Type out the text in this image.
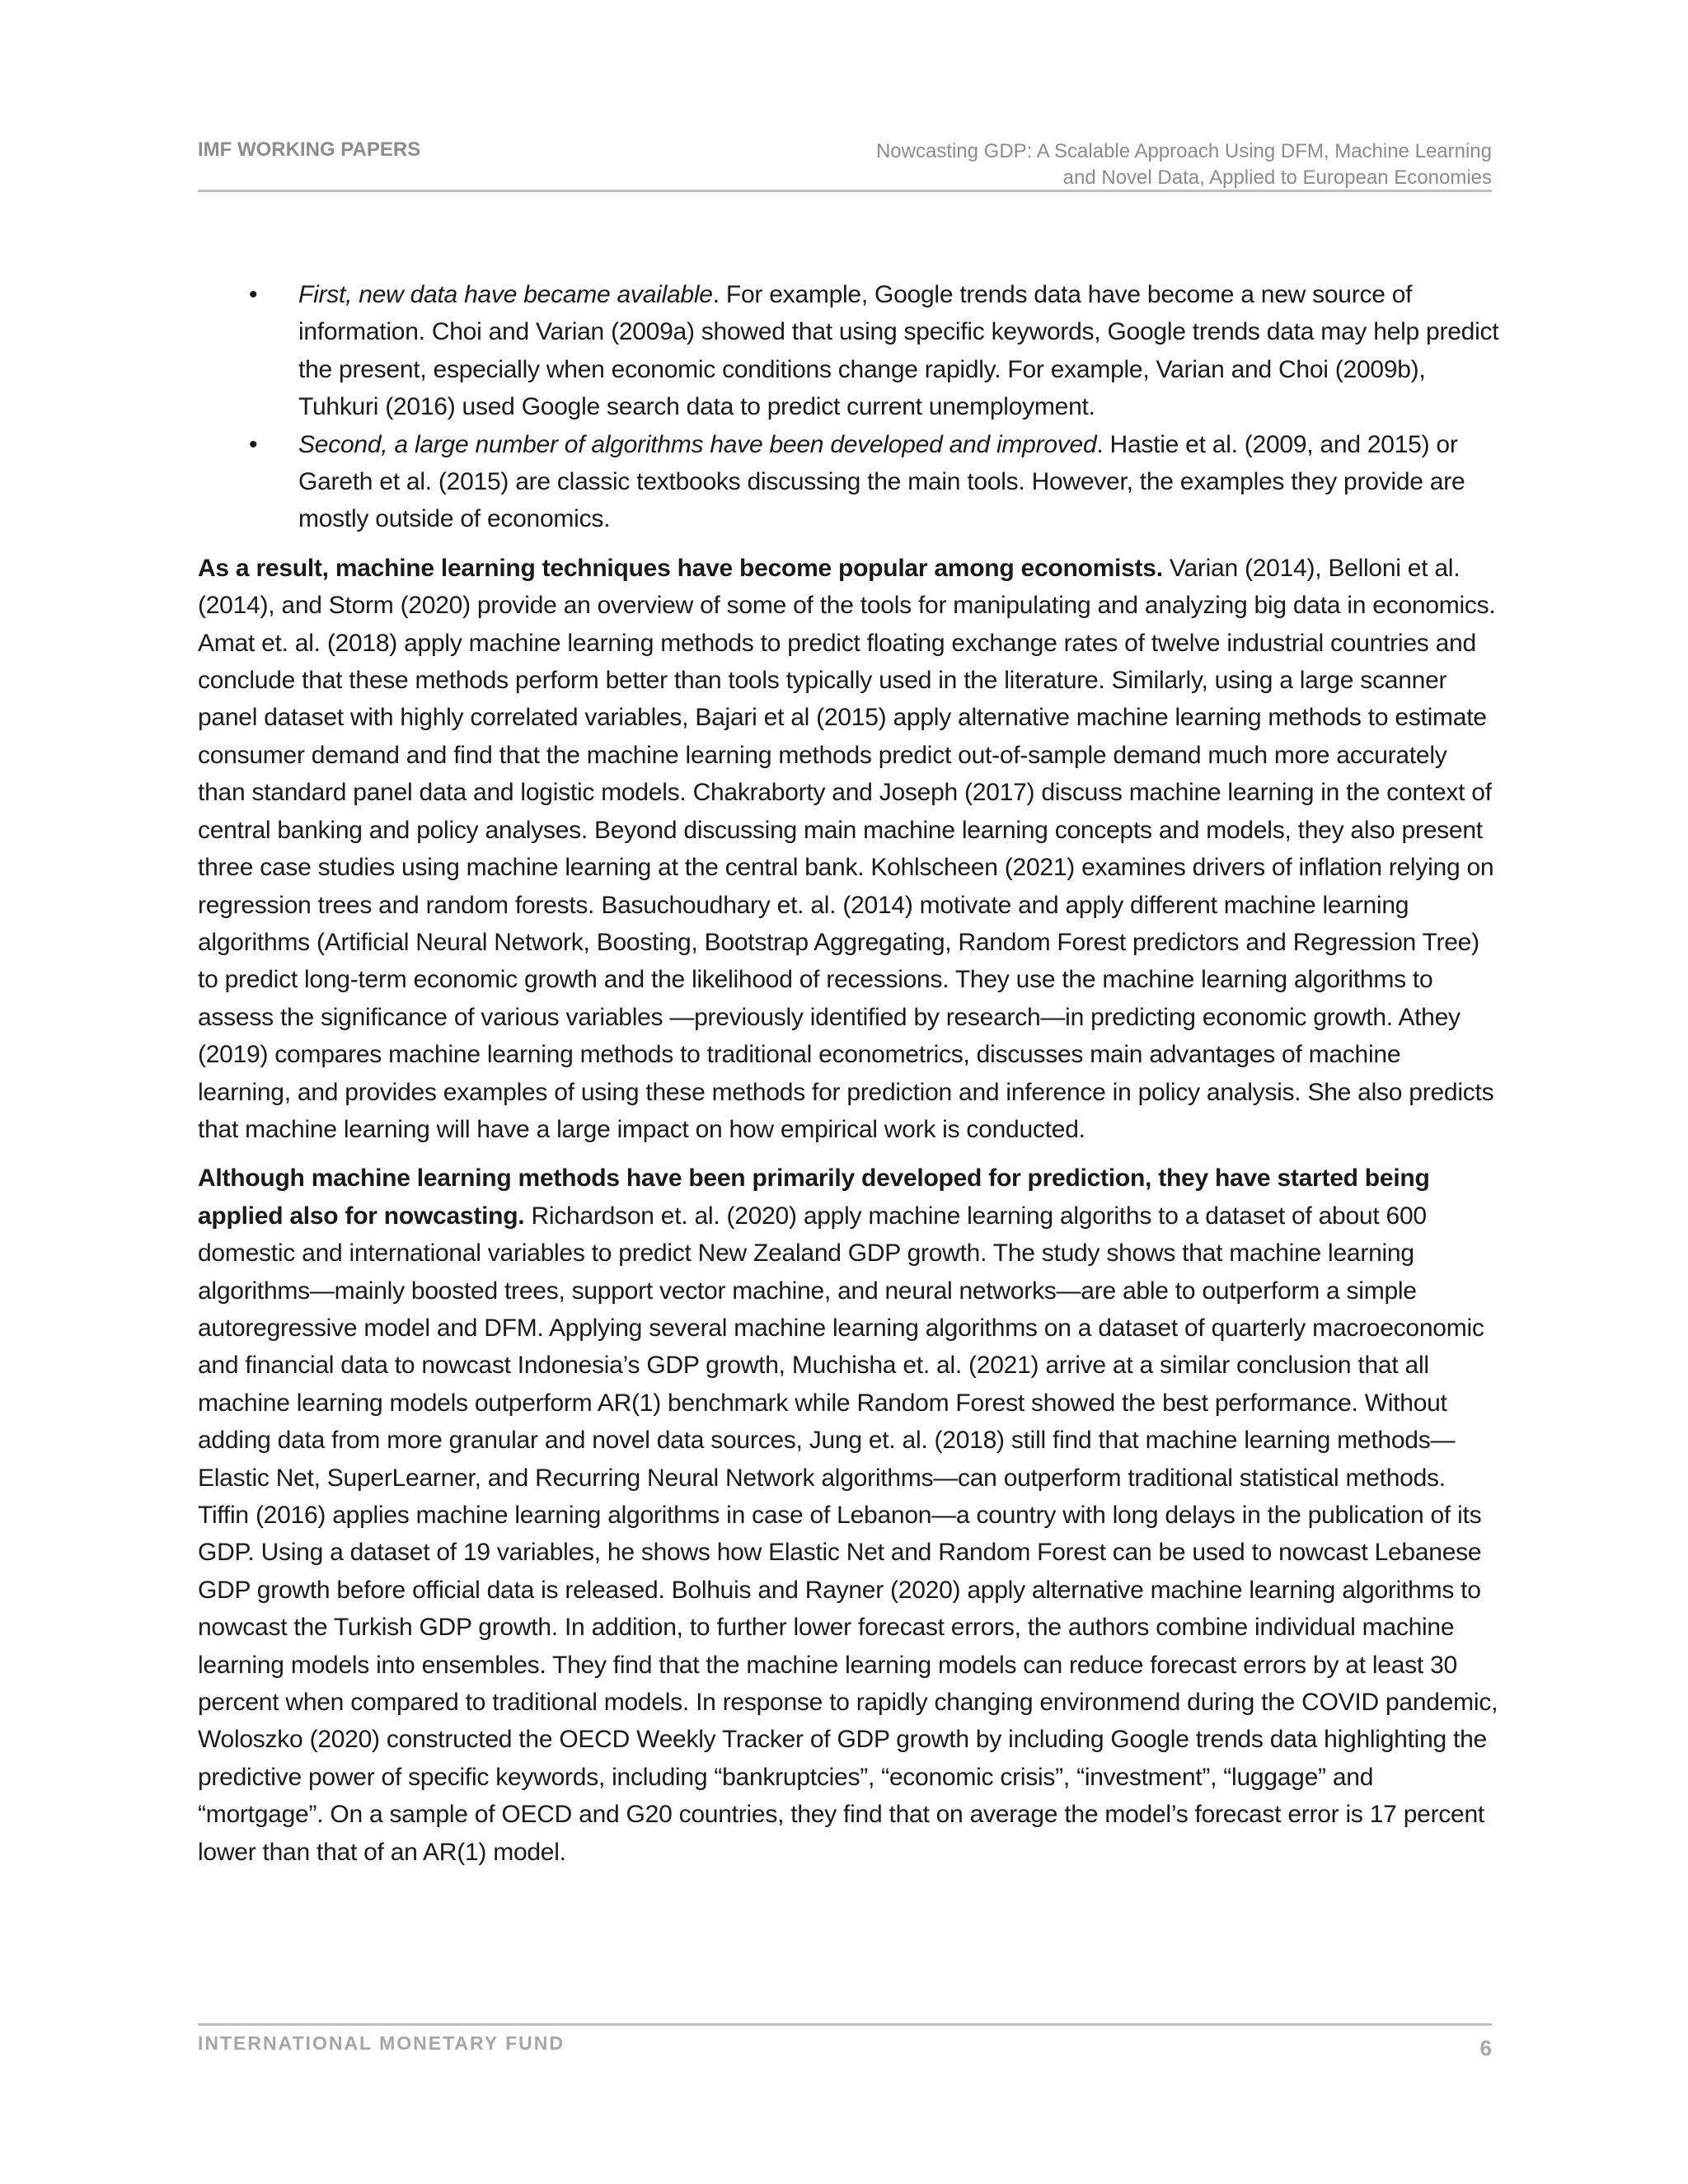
IMF WORKING PAPERS	Nowcasting GDP: A Scalable Approach Using DFM, Machine Learning
and Novel Data, Applied to European Economies
• First, new data have became available. For example, Google trends data have become a new source of information. Choi and Varian (2009a) showed that using specific keywords, Google trends data may help predict the present, especially when economic conditions change rapidly. For example, Varian and Choi (2009b), Tuhkuri (2016) used Google search data to predict current unemployment.
• Second, a large number of algorithms have been developed and improved. Hastie et al. (2009, and 2015) or Gareth et al. (2015) are classic textbooks discussing the main tools. However, the examples they provide are mostly outside of economics.

As a result, machine learning techniques have become popular among economists. Varian (2014), Belloni et al. (2014), and Storm (2020) provide an overview of some of the tools for manipulating and analyzing big data in economics. Amat et. al. (2018) apply machine learning methods to predict floating exchange rates of twelve industrial countries and conclude that these methods perform better than tools typically used in the literature. Similarly, using a large scanner panel dataset with highly correlated variables, Bajari et al (2015) apply alternative machine learning methods to estimate consumer demand and find that the machine learning methods predict out-of-sample demand much more accurately than standard panel data and logistic models. Chakraborty and Joseph (2017) discuss machine learning in the context of central banking and policy analyses. Beyond discussing main machine learning concepts and models, they also present three case studies using machine learning at the central bank. Kohlscheen (2021) examines drivers of inflation relying on regression trees and random forests. Basuchoudhary et. al. (2014) motivate and apply different machine learning algorithms (Artificial Neural Network, Boosting, Bootstrap Aggregating, Random Forest predictors and Regression Tree) to predict long-term economic growth and the likelihood of recessions. They use the machine learning algorithms to assess the significance of various variables —previously identified by research—in predicting economic growth. Athey (2019) compares machine learning methods to traditional econometrics, discusses main advantages of machine learning, and provides examples of using these methods for prediction and inference in policy analysis. She also predicts that machine learning will have a large impact on how empirical work is conducted.

Although machine learning methods have been primarily developed for prediction, they have started being applied also for nowcasting. Richardson et. al. (2020) apply machine learning algoriths to a dataset of about 600 domestic and international variables to predict New Zealand GDP growth. The study shows that machine learning algorithms—mainly boosted trees, support vector machine, and neural networks—are able to outperform a simple autoregressive model and DFM. Applying several machine learning algorithms on a dataset of quarterly macroeconomic and financial data to nowcast Indonesia’s GDP growth, Muchisha et. al. (2021) arrive at a similar conclusion that all machine learning models outperform AR(1) benchmark while Random Forest showed the best performance. Without adding data from more granular and novel data sources, Jung et. al. (2018) still find that machine learning methods—Elastic Net, SuperLearner, and Recurring Neural Network algorithms—can outperform traditional statistical methods. Tiffin (2016) applies machine learning algorithms in case of Lebanon—a country with long delays in the publication of its GDP. Using a dataset of 19 variables, he shows how Elastic Net and Random Forest can be used to nowcast Lebanese GDP growth before official data is released. Bolhuis and Rayner (2020) apply alternative machine learning algorithms to nowcast the Turkish GDP growth. In addition, to further lower forecast errors, the authors combine individual machine learning models into ensembles. They find that the machine learning models can reduce forecast errors by at least 30 percent when compared to traditional models. In response to rapidly changing environmend during the COVID pandemic, Woloszko (2020) constructed the OECD Weekly Tracker of GDP growth by including Google trends data highlighting the predictive power of specific keywords, including “bankruptcies”, “economic crisis”, “investment”, “luggage” and “mortgage”. On a sample of OECD and G20 countries, they find that on average the model’s forecast error is 17 percent lower than that of an AR(1) model.

INTERNATIONAL MONETARY FUND	6
